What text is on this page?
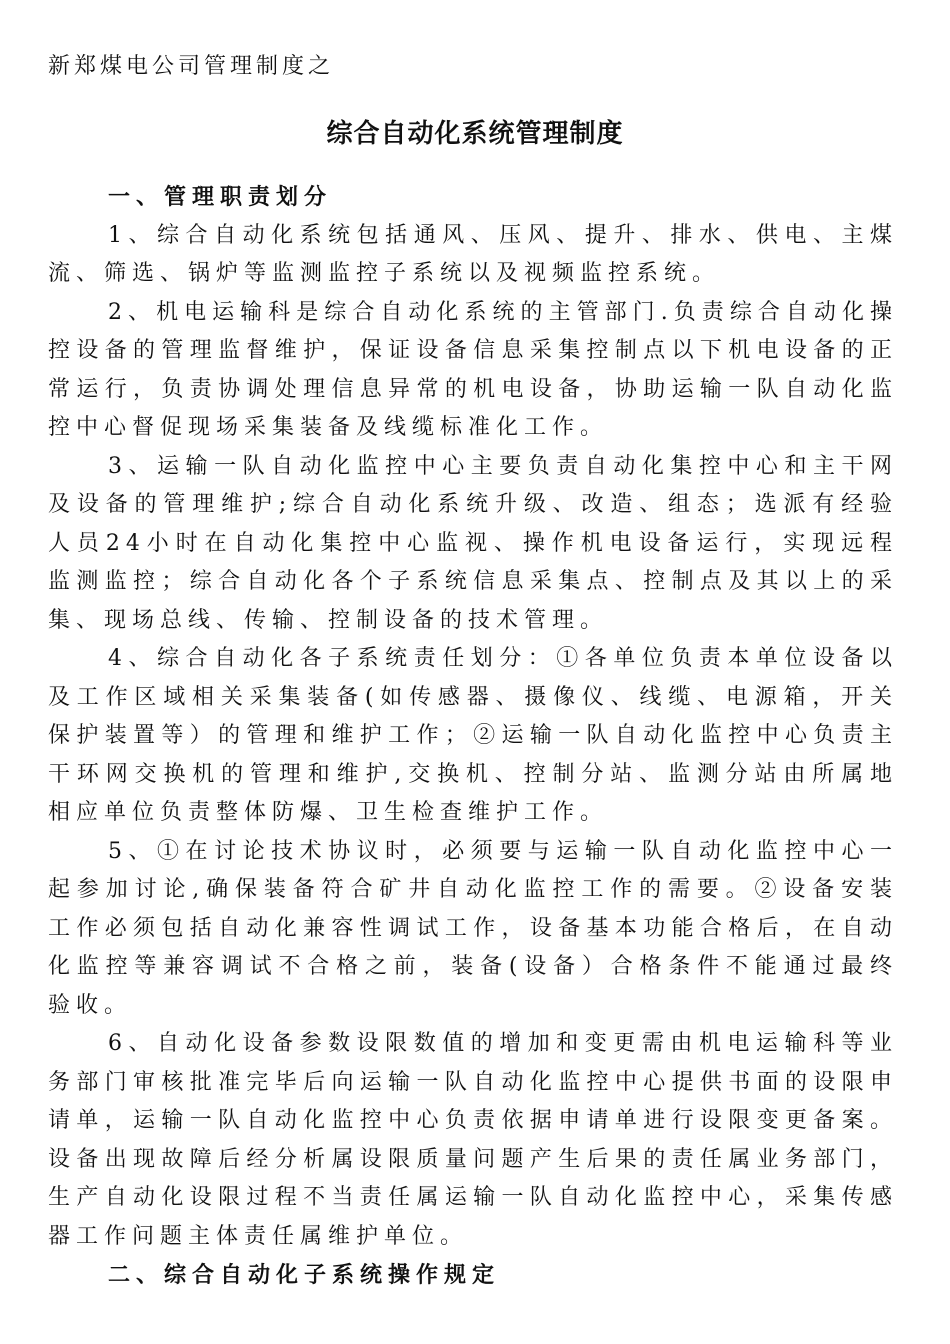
新郑煤电公司管理制度之
综合自动化系统管理制度
一、管理职责划分

1、综合自动化系统包括通风、压风、提升、排水、供电、主煤流、筛选、锅炉等监测监控子系统以及视频监控系统。

2、机电运输科是综合自动化系统的主管部门.负责综合自动化操控设备的管理监督维护，保证设备信息采集控制点以下机电设备的正常运行，负责协调处理信息异常的机电设备，协助运输一队自动化监控中心督促现场采集装备及线缆标准化工作。

3、运输一队自动化监控中心主要负责自动化集控中心和主干网及设备的管理维护;综合自动化系统升级、改造、组态；选派有经验人员24小时在自动化集控中心监视、操作机电设备运行，实现远程监测监控；综合自动化各个子系统信息采集点、控制点及其以上的采集、现场总线、传输、控制设备的技术管理。

4、综合自动化各子系统责任划分：①各单位负责本单位设备以及工作区域相关采集装备(如传感器、摄像仪、线缆、电源箱，开关保护装置等）的管理和维护工作；②运输一队自动化监控中心负责主干环网交换机的管理和维护,交换机、控制分站、监测分站由所属地相应单位负责整体防爆、卫生检查维护工作。

5、①在讨论技术协议时，必须要与运输一队自动化监控中心一起参加讨论,确保装备符合矿井自动化监控工作的需要。②设备安装工作必须包括自动化兼容性调试工作，设备基本功能合格后，在自动化监控等兼容调试不合格之前，装备(设备）合格条件不能通过最终验收。

6、自动化设备参数设限数值的增加和变更需由机电运输科等业务部门审核批准完毕后向运输一队自动化监控中心提供书面的设限申请单，运输一队自动化监控中心负责依据申请单进行设限变更备案。设备出现故障后经分析属设限质量问题产生后果的责任属业务部门，生产自动化设限过程不当责任属运输一队自动化监控中心，采集传感器工作问题主体责任属维护单位。

二、综合自动化子系统操作规定
